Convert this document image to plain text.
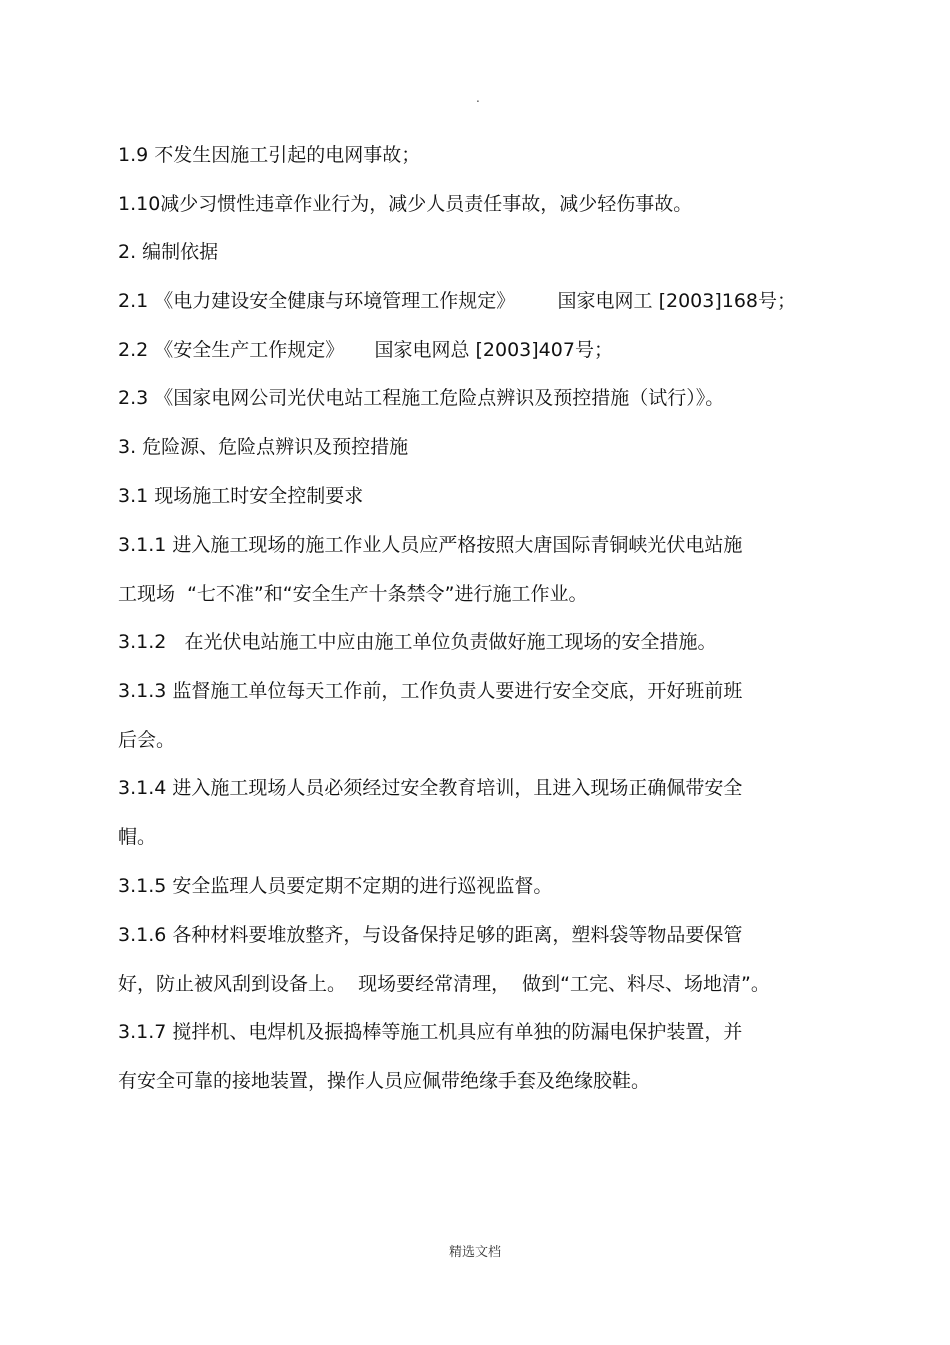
.
1.9 不发生因施工引起的电网事故；
1.10减少习惯性违章作业行为，减少人员责任事故，减少轻伤事故。
2. 编制依据
2.1 《电力建设安全健康与环境管理工作规定》       国家电网工 [2003]168号；
2.2 《安全生产工作规定》     国家电网总 [2003]407号；
2.3 《国家电网公司光伏电站工程施工危险点辨识及预控措施（试行）》。
3. 危险源、危险点辨识及预控措施
3.1 现场施工时安全控制要求
3.1.1 进入施工现场的施工作业人员应严格按照大唐国际青铜峡光伏电站施
工现场  “七不准”和“安全生产十条禁令”进行施工作业。
3.1.2   在光伏电站施工中应由施工单位负责做好施工现场的安全措施。
3.1.3 监督施工单位每天工作前，工作负责人要进行安全交底，开好班前班
后会。
3.1.4 进入施工现场人员必须经过安全教育培训，且进入现场正确佩带安全
帽。
3.1.5 安全监理人员要定期不定期的进行巡视监督。
3.1.6 各种材料要堆放整齐，与设备保持足够的距离，塑料袋等物品要保管
好，防止被风刮到设备上。  现场要经常清理，  做到“工完、料尽、场地清”。
3.1.7 搅拌机、电焊机及振捣棒等施工机具应有单独的防漏电保护装置，并
有安全可靠的接地装置，操作人员应佩带绝缘手套及绝缘胶鞋。
精选文档
